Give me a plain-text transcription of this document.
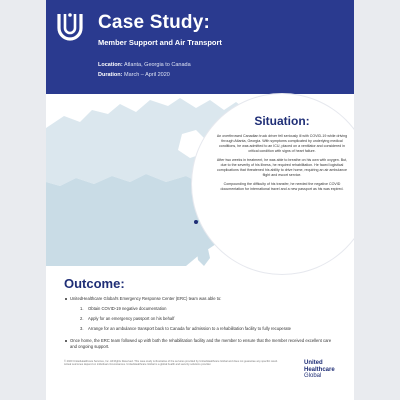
Case Study:
Member Support and Air Transport
Location: Atlanta, Georgia to Canada
Duration: March – April 2020
Situation:

An overthrowed Canadian truck driver fell seriously ill with COVID-19 while driving through Atlanta, Georgia. With symptoms complicated by underlying medical conditions, he was admitted to an ICU, placed on a ventilator and considered in critical condition with signs of heart failure.

After two weeks in treatment, he was able to breathe on his own with oxygen. But, due to the severity of his illness, he required rehabilitation. He faced logistical complications that threatened his ability to drive home, requiring an air ambulance flight and escort service.

Compounding the difficulty of his transfer, he needed the negative COVID documentation for international travel and a new passport as his was expired.

Outcome:
UnitedHealthcare Global's Emergency Response Center (ERC) team was able to:
1. Obtain COVID-19 negative documentation
2. Apply for an emergency passport on his behalf
3. Arrange for an ambulance transport back to Canada for admission to a rehabilitation facility to fully recuperate
Once home, the ERC team followed up with both the rehabilitation facility and the member to ensure that the member received excellent care and ongoing support.
© 2020 UnitedHealthcare Services, Inc. All Rights Reserved. This case study is illustrative of the services provided by UnitedHealthcare Global and does not guarantee any specific result. Actual outcomes depend on individual circumstances. UnitedHealthcare Global is a global health and security solutions provider.	United
Healthcare
Global
